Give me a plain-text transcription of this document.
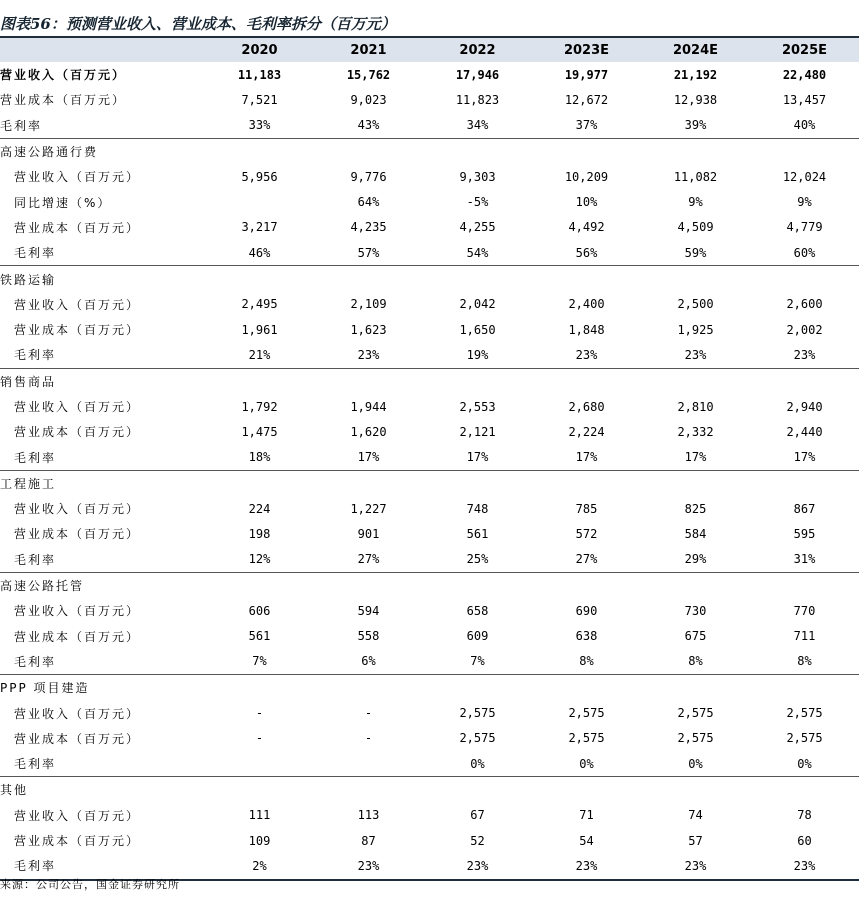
图表56：预测营业收入、营业成本、毛利率拆分（百万元）
	2020	2021	2022	2023E	2024E	2025E
营业收入（百万元）	11,183	15,762	17,946	19,977	21,192	22,480
营业成本（百万元）	7,521	9,023	11,823	12,672	12,938	13,457
毛利率	33%	43%	34%	37%	39%	40%
高速公路通行费						
营业收入（百万元）	5,956	9,776	9,303	10,209	11,082	12,024
同比增速（%）		64%	-5%	10%	9%	9%
营业成本（百万元）	3,217	4,235	4,255	4,492	4,509	4,779
毛利率	46%	57%	54%	56%	59%	60%
铁路运输						
营业收入（百万元）	2,495	2,109	2,042	2,400	2,500	2,600
营业成本（百万元）	1,961	1,623	1,650	1,848	1,925	2,002
毛利率	21%	23%	19%	23%	23%	23%
销售商品						
营业收入（百万元）	1,792	1,944	2,553	2,680	2,810	2,940
营业成本（百万元）	1,475	1,620	2,121	2,224	2,332	2,440
毛利率	18%	17%	17%	17%	17%	17%
工程施工						
营业收入（百万元）	224	1,227	748	785	825	867
营业成本（百万元）	198	901	561	572	584	595
毛利率	12%	27%	25%	27%	29%	31%
高速公路托管						
营业收入（百万元）	606	594	658	690	730	770
营业成本（百万元）	561	558	609	638	675	711
毛利率	7%	6%	7%	8%	8%	8%
PPP 项目建造						
营业收入（百万元）	-	-	2,575	2,575	2,575	2,575
营业成本（百万元）	-	-	2,575	2,575	2,575	2,575
毛利率			0%	0%	0%	0%
其他						
营业收入（百万元）	111	113	67	71	74	78
营业成本（百万元）	109	87	52	54	57	60
毛利率	2%	23%	23%	23%	23%	23%
来源：公司公告，国金证券研究所
